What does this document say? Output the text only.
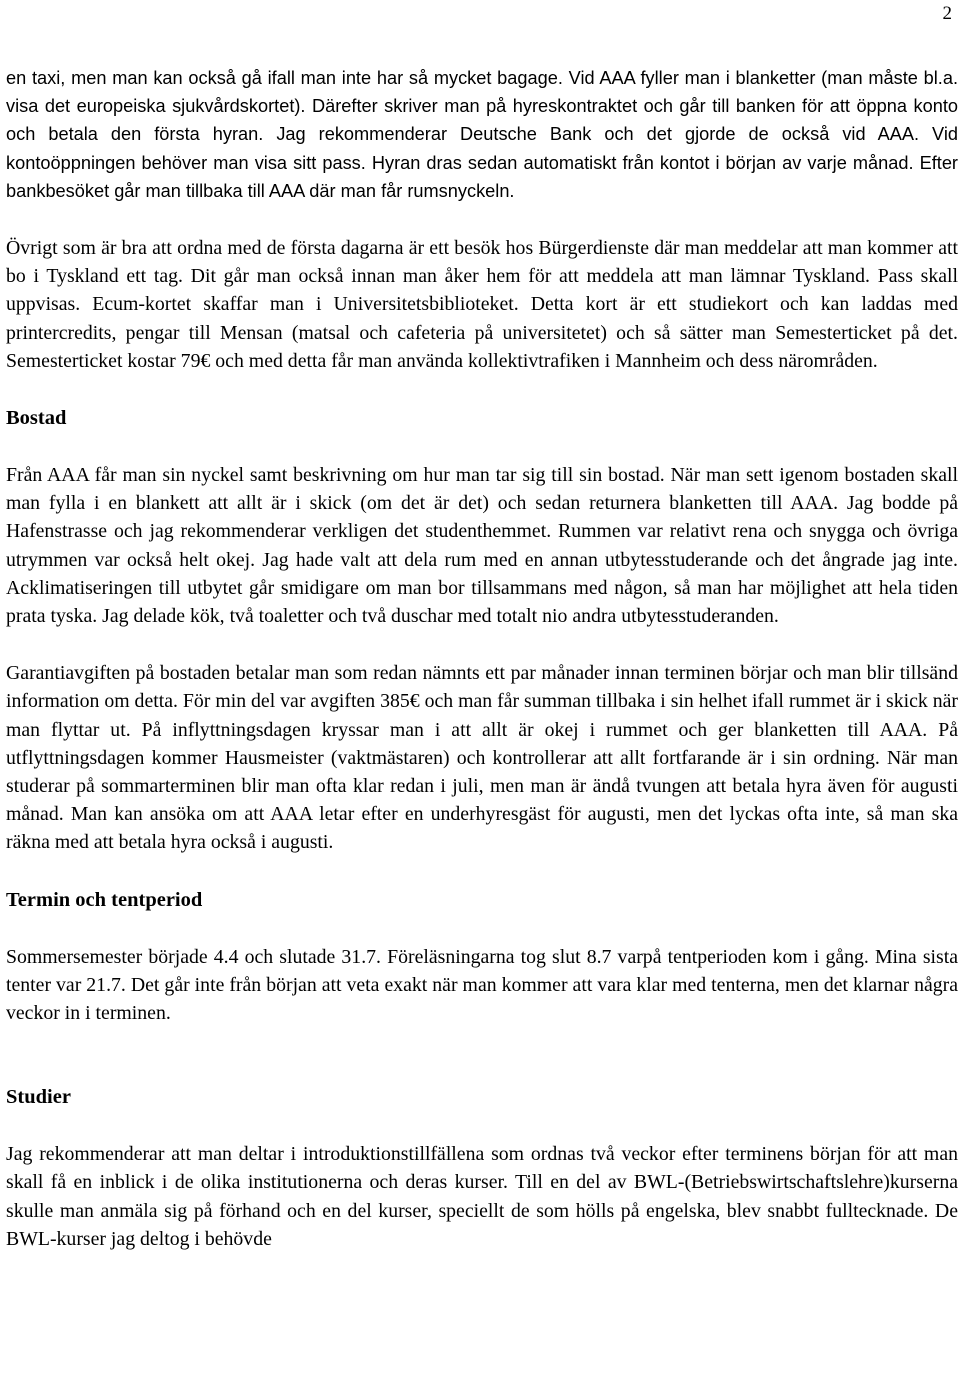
2

en taxi, men man kan också gå ifall man inte har så mycket bagage. Vid AAA fyller man i blanketter (man måste bl.a. visa det europeiska sjukvårdskortet). Därefter skriver man på hyreskontraktet och går till banken för att öppna konto och betala den första hyran. Jag rekommenderar Deutsche Bank och det gjorde de också vid AAA. Vid kontoöppningen behöver man visa sitt pass. Hyran dras sedan automatiskt från kontot i början av varje månad. Efter bankbesöket går man tillbaka till AAA där man får rumsnyckeln.

Övrigt som är bra att ordna med de första dagarna är ett besök hos Bürgerdienste där man meddelar att man kommer att bo i Tyskland ett tag. Dit går man också innan man åker hem för att meddela att man lämnar Tyskland. Pass skall uppvisas. Ecum-kortet skaffar man i Universitetsbiblioteket. Detta kort är ett studiekort och kan laddas med printercredits, pengar till Mensan (matsal och cafeteria på universitetet) och så sätter man Semesterticket på det. Semesterticket kostar 79€ och med detta får man använda kollektivtrafiken i Mannheim och dess närområden.

Bostad

Från AAA får man sin nyckel samt beskrivning om hur man tar sig till sin bostad. När man sett igenom bostaden skall man fylla i en blankett att allt är i skick (om det är det) och sedan returnera blanketten till AAA. Jag bodde på Hafenstrasse och jag rekommenderar verkligen det studenthemmet. Rummen var relativt rena och snygga och övriga utrymmen var också helt okej. Jag hade valt att dela rum med en annan utbytesstuderande och det ångrade jag inte. Acklimatiseringen till utbytet går smidigare om man bor tillsammans med någon, så man har möjlighet att hela tiden prata tyska. Jag delade kök, två toaletter och två duschar med totalt nio andra utbytesstuderanden.

Garantiavgiften på bostaden betalar man som redan nämnts ett par månader innan terminen börjar och man blir tillsänd information om detta. För min del var avgiften 385€ och man får summan tillbaka i sin helhet ifall rummet är i skick när man flyttar ut. På inflyttningsdagen kryssar man i att allt är okej i rummet och ger blanketten till AAA. På utflyttningsdagen kommer Hausmeister (vaktmästaren) och kontrollerar att allt fortfarande är i sin ordning. När man studerar på sommarterminen blir man ofta klar redan i juli, men man är ändå tvungen att betala hyra även för augusti månad. Man kan ansöka om att AAA letar efter en underhyresgäst för augusti, men det lyckas ofta inte, så man ska räkna med att betala hyra också i augusti.

Termin och tentperiod

Sommersemester började 4.4 och slutade 31.7. Föreläsningarna tog slut 8.7 varpå tentperioden kom i gång. Mina sista tenter var 21.7. Det går inte från början att veta exakt när man kommer att vara klar med tenterna, men det klarnar några veckor in i terminen.

Studier

Jag rekommenderar att man deltar i introduktionstillfällena som ordnas två veckor efter terminens början för att man skall få en inblick i de olika institutionerna och deras kurser. Till en del av BWL-(Betriebswirtschaftslehre)kurserna skulle man anmäla sig på förhand och en del kurser, speciellt de som hölls på engelska, blev snabbt fulltecknade. De BWL-kurser jag deltog i behövde
